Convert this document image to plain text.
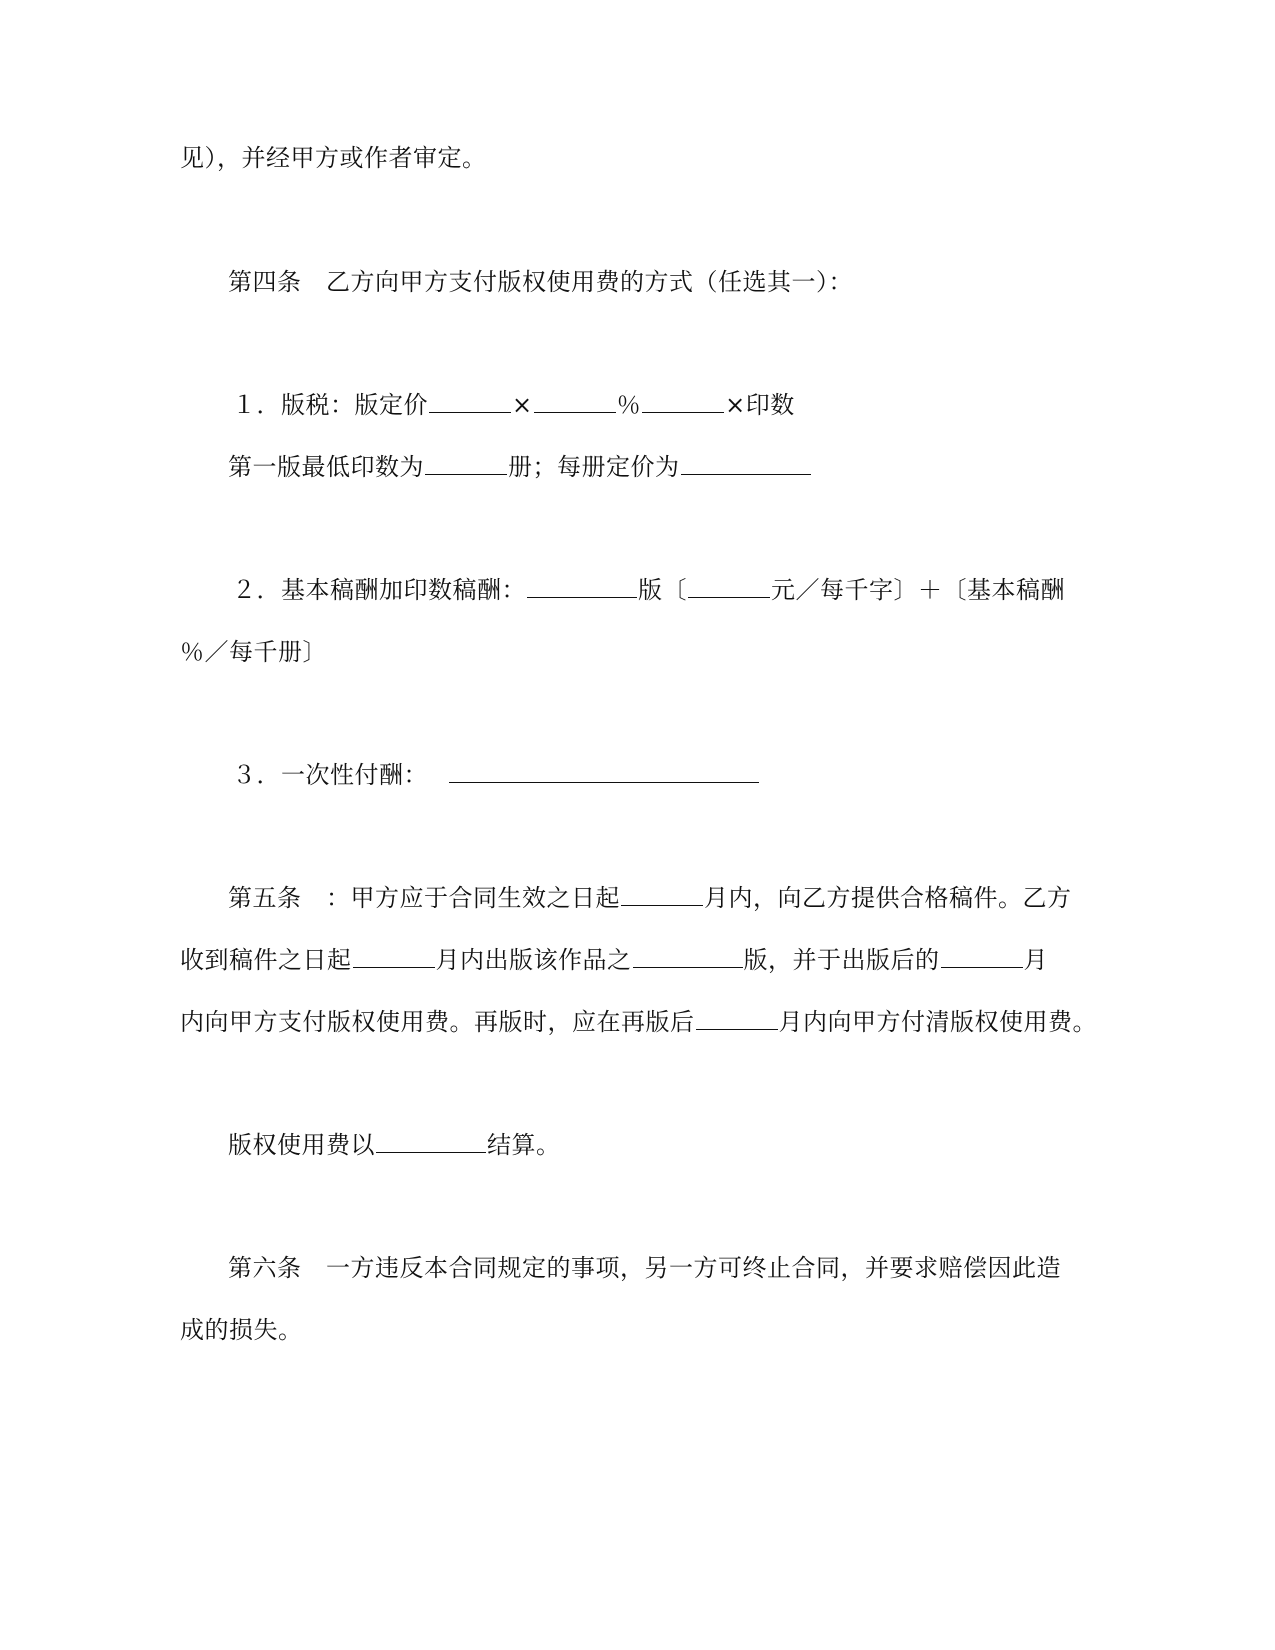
见），并经甲方或作者审定。
第四条　乙方向甲方支付版权使用费的方式（任选其一）：
１．版税：版定价	×	％	×印数
第一版最低印数为	册；每册定价为
２．基本稿酬加印数稿酬：	版〔	元／每千字〕＋〔基本稿酬
％／每千册〕
３．一次性付酬：
第五条　：甲方应于合同生效之日起	月内，向乙方提供合格稿件。乙方
收到稿件之日起	月内出版该作品之	版，并于出版后的	月
内向甲方支付版权使用费。再版时，应在再版后	月内向甲方付清版权使用费。
版权使用费以	结算。
第六条　一方违反本合同规定的事项，另一方可终止合同，并要求赔偿因此造
成的损失。
